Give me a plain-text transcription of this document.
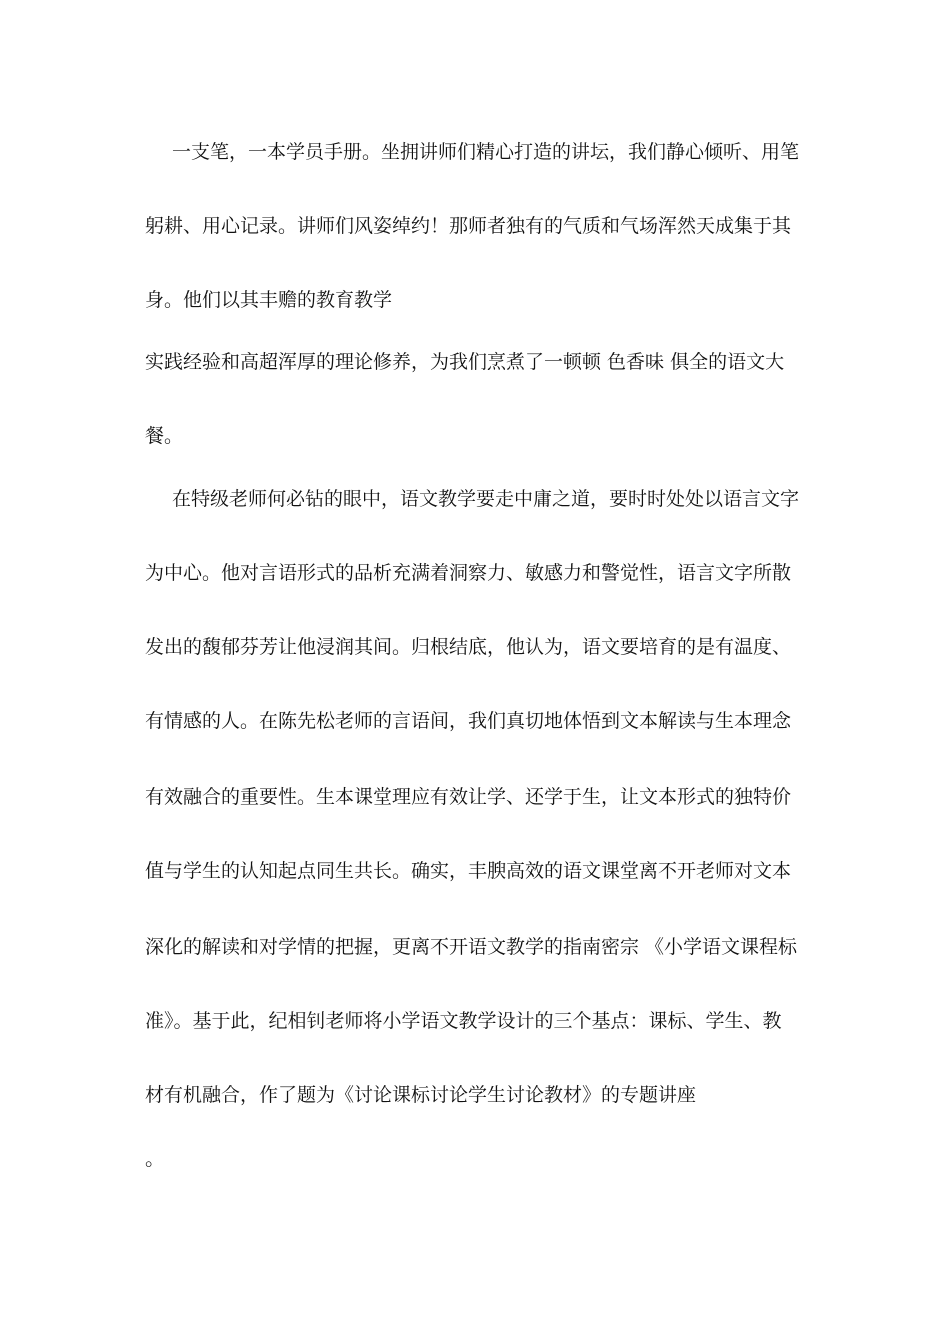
一支笔，一本学员手册。坐拥讲师们精心打造的讲坛，我们静心倾听、用笔
躬耕、用心记录。讲师们风姿绰约！那师者独有的气质和气场浑然天成集于其
身。他们以其丰赡的教育教学
实践经验和高超浑厚的理论修养，为我们烹煮了一顿顿 色香味 俱全的语文大
餐。
在特级老师何必钻的眼中，语文教学要走中庸之道，要时时处处以语言文字
为中心。他对言语形式的品析充满着洞察力、敏感力和警觉性，语言文字所散
发出的馥郁芬芳让他浸润其间。归根结底，他认为，语文要培育的是有温度、
有情感的人。在陈先松老师的言语间，我们真切地体悟到文本解读与生本理念
有效融合的重要性。生本课堂理应有效让学、还学于生，让文本形式的独特价
值与学生的认知起点同生共长。确实，丰腴高效的语文课堂离不开老师对文本
深化的解读和对学情的把握，更离不开语文教学的指南密宗 《小学语文课程标
准》。基于此，纪相钊老师将小学语文教学设计的三个基点：课标、学生、教
材有机融合，作了题为《讨论课标讨论学生讨论教材》的专题讲座
。
